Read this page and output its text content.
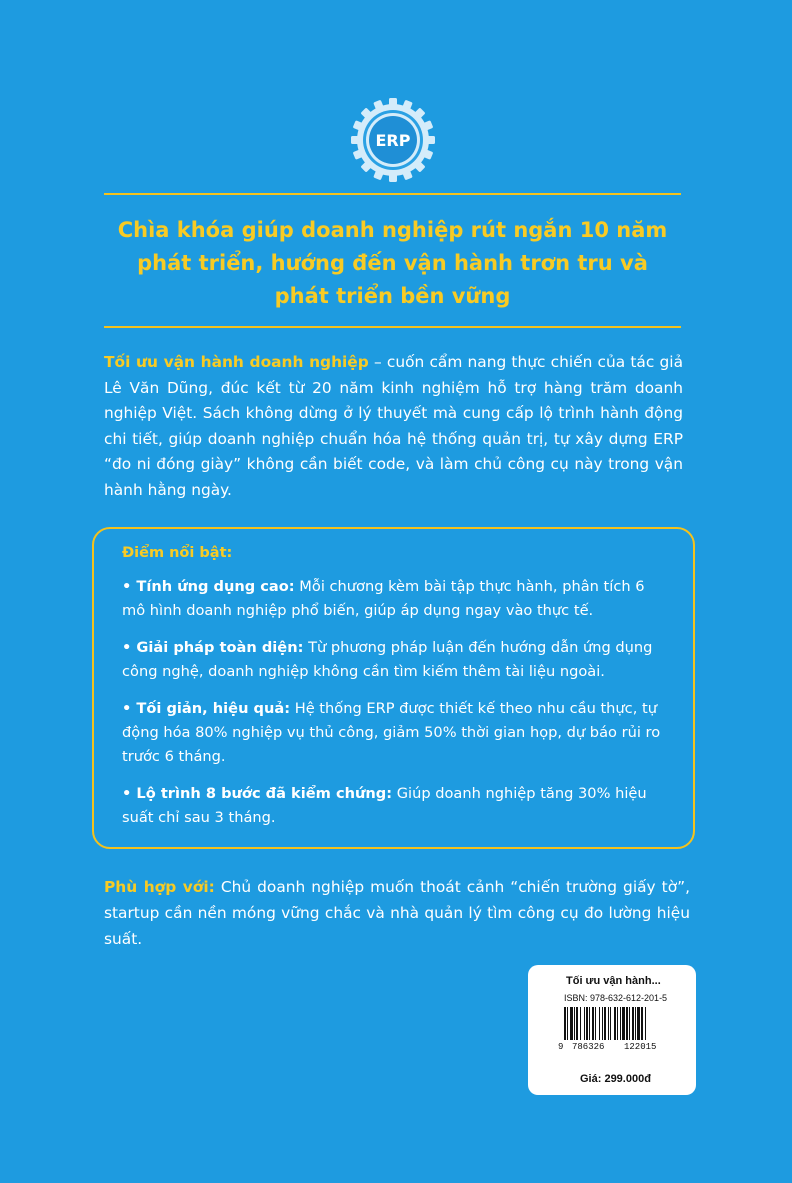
ERP
Chìa khóa giúp doanh nghiệp rút ngắn 10 năm
phát triển, hướng đến vận hành trơn tru và
phát triển bền vững
Tối ưu vận hành doanh nghiệp – cuốn cẩm nang thực chiến của tác giả Lê Văn Dũng, đúc kết từ 20 năm kinh nghiệm hỗ trợ hàng trăm doanh nghiệp Việt. Sách không dừng ở lý thuyết mà cung cấp lộ trình hành động chi tiết, giúp doanh nghiệp chuẩn hóa hệ thống quản trị, tự xây dựng ERP “đo ni đóng giày” không cần biết code, và làm chủ công cụ này trong vận hành hằng ngày.
Điểm nổi bật:
• Tính ứng dụng cao: Mỗi chương kèm bài tập thực hành, phân tích 6 mô hình doanh nghiệp phổ biến, giúp áp dụng ngay vào thực tế.
• Giải pháp toàn diện: Từ phương pháp luận đến hướng dẫn ứng dụng công nghệ, doanh nghiệp không cần tìm kiếm thêm tài liệu ngoài.
• Tối giản, hiệu quả: Hệ thống ERP được thiết kế theo nhu cầu thực, tự động hóa 80% nghiệp vụ thủ công, giảm 50% thời gian họp, dự báo rủi ro trước 6 tháng.
• Lộ trình 8 bước đã kiểm chứng: Giúp doanh nghiệp tăng 30% hiệu suất chỉ sau 3 tháng.
Phù hợp với: Chủ doanh nghiệp muốn thoát cảnh “chiến trường giấy tờ”, startup cần nền móng vững chắc và nhà quản lý tìm công cụ đo lường hiệu suất.
Tối ưu vận hành...
ISBN: 978-632-612-201-5
9 786326 122015
Giá: 299.000đ
